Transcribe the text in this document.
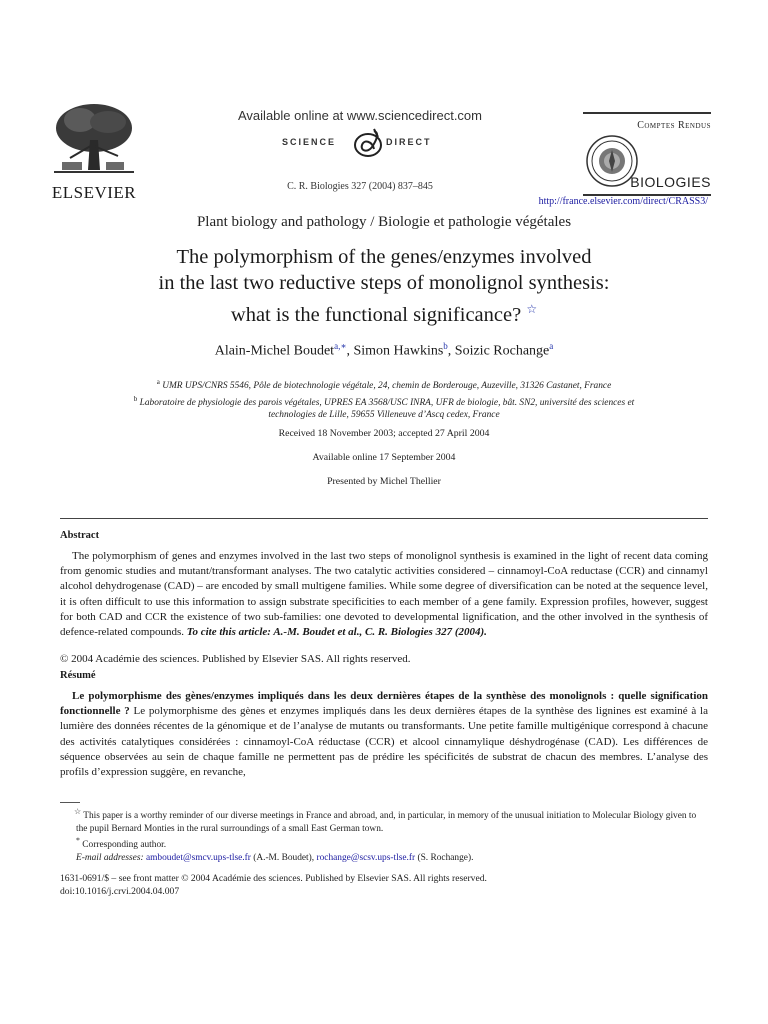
ELSEVIER
Available online at www.sciencedirect.com
SCIENCE	DIRECT
C. R. Biologies 327 (2004) 837–845
Comptes Rendus
BIOLOGIES
http://france.elsevier.com/direct/CRASS3/
Plant biology and pathology / Biologie et pathologie végétales
The polymorphism of the genes/enzymes involved
in the last two reductive steps of monolignol synthesis:
what is the functional significance? ☆
Alain-Michel Boudet$^{a,∗}$, Simon Hawkins$^b$, Soizic Rochange$^a$
$^a$ UMR UPS/CNRS 5546, Pôle de biotechnologie végétale, 24, chemin de Borderouge, Auzeville, 31326 Castanet, France
$^b$ Laboratoire de physiologie des parois végétales, UPRES EA 3568/USC INRA, UFR de biologie, bât. SN2, université des sciences et
technologies de Lille, 59655 Villeneuve d’Ascq cedex, France
Received 18 November 2003; accepted 27 April 2004
Available online 17 September 2004
Presented by Michel Thellier
Abstract
The polymorphism of genes and enzymes involved in the last two steps of monolignol synthesis is examined in the light of recent data coming from genomic studies and mutant/transformant analyses. The two catalytic activities considered – cinnamoyl-CoA reductase (CCR) and cinnamyl alcohol dehydrogenase (CAD) – are encoded by small multigene families. While some degree of diversification can be noted at the sequence level, it is often difficult to use this information to assign substrate specificities to each member of a gene family. Expression profiles, however, suggest for both CAD and CCR the existence of two sub-families: one devoted to developmental lignification, and the other involved in the synthesis of defence-related compounds. To cite this article: A.-M. Boudet et al., C. R. Biologies 327 (2004).
© 2004 Académie des sciences. Published by Elsevier SAS. All rights reserved.
Résumé
Le polymorphisme des gènes/enzymes impliqués dans les deux dernières étapes de la synthèse des monolignols : quelle signification fonctionnelle ? Le polymorphisme des gènes et enzymes impliqués dans les deux dernières étapes de la synthèse des lignines est examiné à la lumière des données récentes de la génomique et de l’analyse de mutants ou transformants. Une petite famille multigénique correspond à chacune des activités catalytiques considérées : cinnamoyl-CoA réductase (CCR) et alcool cinnamylique déshydrogénase (CAD). Les différences de séquence observées au sein de chaque famille ne permettent pas de prédire les spécificités de substrat de chacun des membres. L’analyse des profils d’expression suggère, en revanche,

☆ This paper is a worthy reminder of our diverse meetings in France and abroad, and, in particular, in memory of the unusual initiation to Molecular Biology given to the pupil Bernard Monties in the rural surroundings of a small East German town.

* Corresponding author.

E-mail addresses: amboudet@smcv.ups-tlse.fr (A.-M. Boudet), rochange@scsv.ups-tlse.fr (S. Rochange).

1631-0691/$ – see front matter © 2004 Académie des sciences. Published by Elsevier SAS. All rights reserved.
doi:10.1016/j.crvi.2004.04.007
